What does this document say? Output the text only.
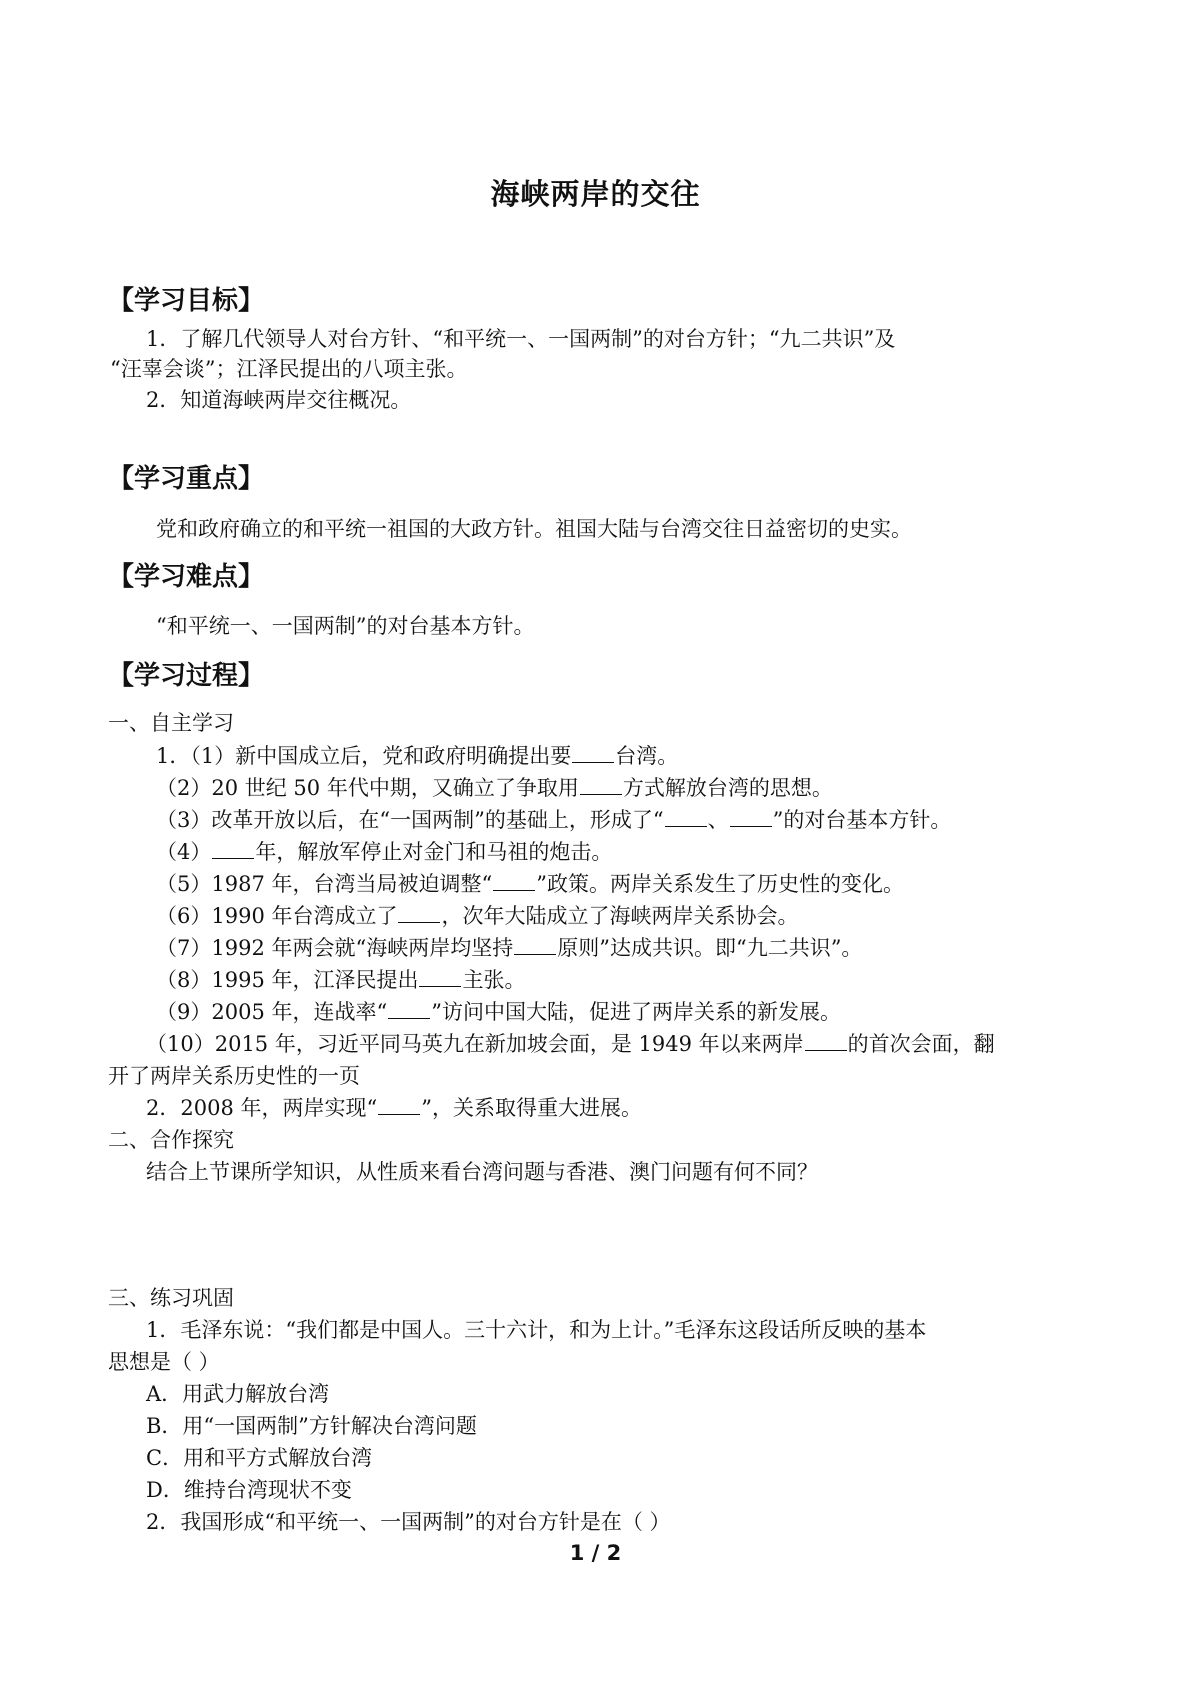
海峡两岸的交往
【学习目标】
1．了解几代领导人对台方针、“和平统一、一国两制”的对台方针；“九二共识”及
“汪辜会谈”；江泽民提出的八项主张。
2．知道海峡两岸交往概况。
【学习重点】
党和政府确立的和平统一祖国的大政方针。祖国大陆与台湾交往日益密切的史实。
【学习难点】
“和平统一、一国两制”的对台基本方针。
【学习过程】
一、自主学习
1．（1）新中国成立后，党和政府明确提出要 台湾。
（2）20 世纪 50 年代中期，又确立了争取用 方式解放台湾的思想。
（3）改革开放以后，在“一国两制”的基础上，形成了“ 、 ”的对台基本方针。
（4） 年，解放军停止对金门和马祖的炮击。
（5）1987 年，台湾当局被迫调整“ ”政策。两岸关系发生了历史性的变化。
（6）1990 年台湾成立了 ，次年大陆成立了海峡两岸关系协会。
（7）1992 年两会就“海峡两岸均坚持 原则”达成共识。即“九二共识”。
（8）1995 年，江泽民提出 主张。
（9）2005 年，连战率“ ”访问中国大陆，促进了两岸关系的新发展。
（10）2015 年，习近平同马英九在新加坡会面，是 1949 年以来两岸 的首次会面，翻
开了两岸关系历史性的一页
2．2008 年，两岸实现“ ”，关系取得重大进展。
二、合作探究
结合上节课所学知识，从性质来看台湾问题与香港、澳门问题有何不同？
三、练习巩固
1．毛泽东说：“我们都是中国人。三十六计，和为上计。”毛泽东这段话所反映的基本
思想是（ ）
A．用武力解放台湾
B．用“一国两制”方针解决台湾问题
C．用和平方式解放台湾
D．维持台湾现状不变
2．我国形成“和平统一、一国两制”的对台方针是在（ ）
1 / 2
